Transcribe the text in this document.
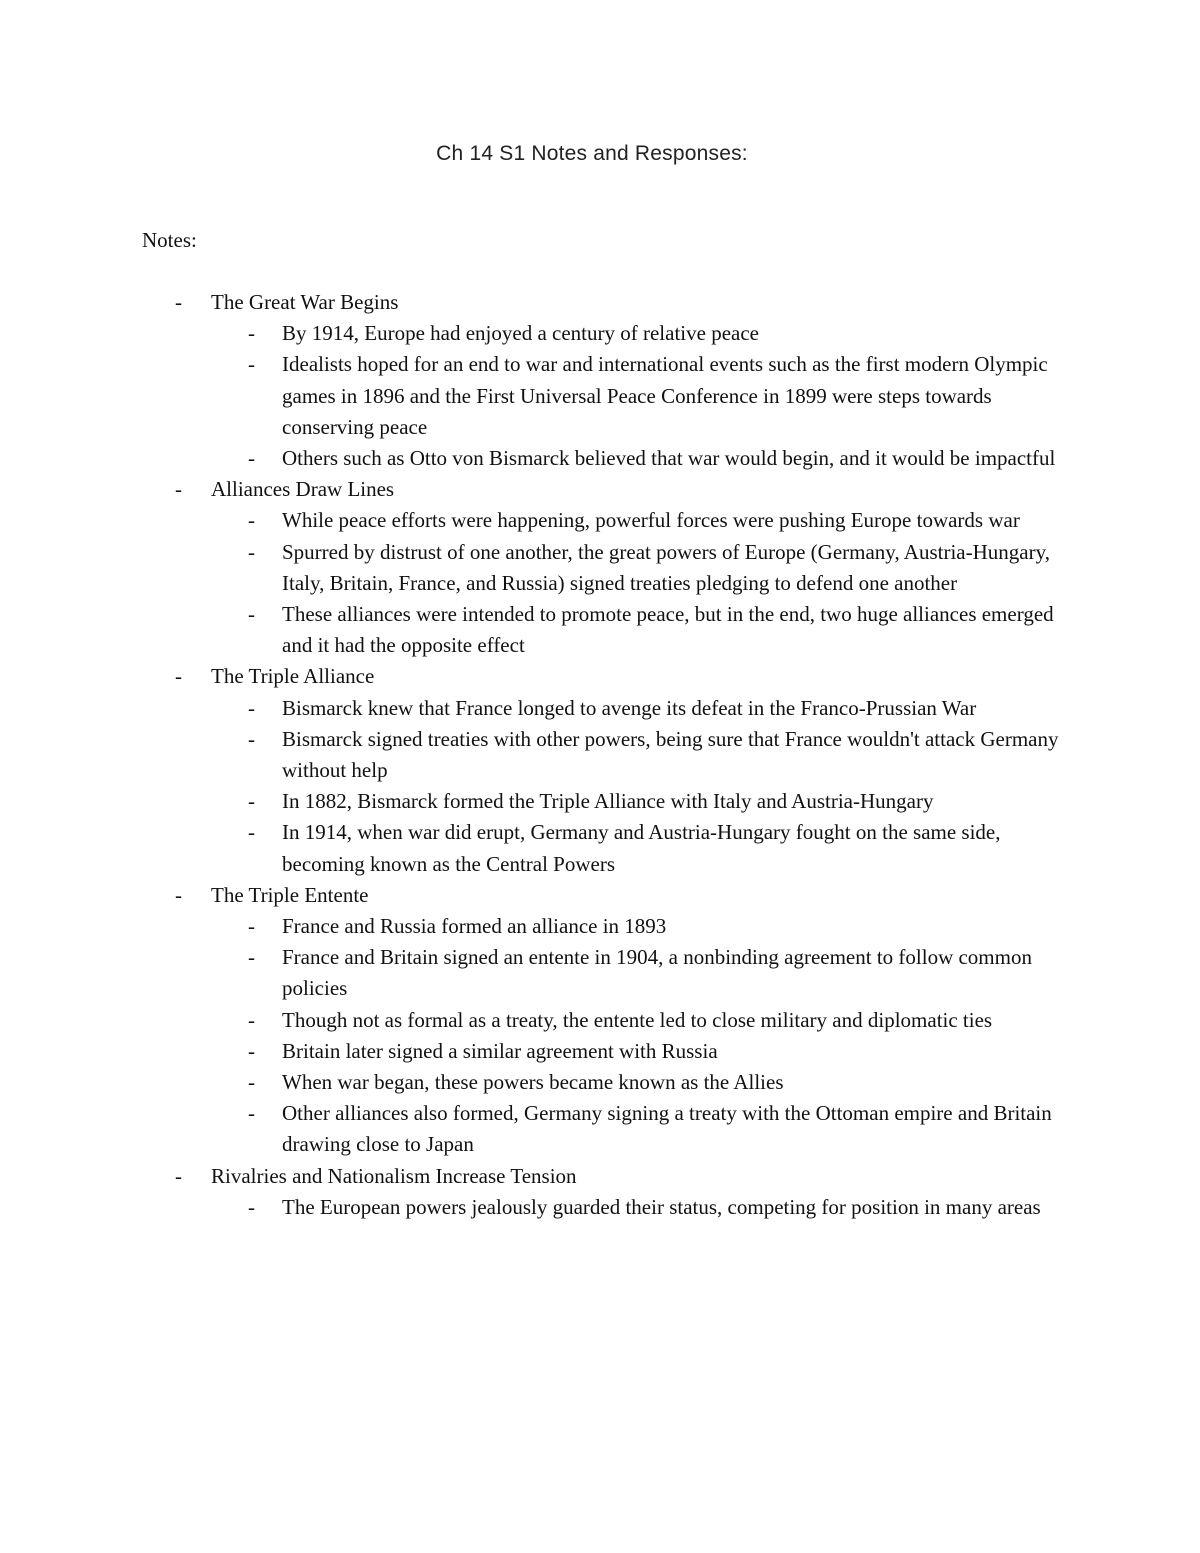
Ch 14 S1 Notes and Responses:
Notes:
- The Great War Begins
- By 1914, Europe had enjoyed a century of relative peace
- Idealists hoped for an end to war and international events such as the first modern Olympic games in 1896 and the First Universal Peace Conference in 1899 were steps towards conserving peace
- Others such as Otto von Bismarck believed that war would begin, and it would be impactful
- Alliances Draw Lines
- While peace efforts were happening, powerful forces were pushing Europe towards war
- Spurred by distrust of one another, the great powers of Europe (Germany, Austria-Hungary, Italy, Britain, France, and Russia) signed treaties pledging to defend one another
- These alliances were intended to promote peace, but in the end, two huge alliances emerged and it had the opposite effect
- The Triple Alliance
- Bismarck knew that France longed to avenge its defeat in the Franco-Prussian War
- Bismarck signed treaties with other powers, being sure that France wouldn't attack Germany without help
- In 1882, Bismarck formed the Triple Alliance with Italy and Austria-Hungary
- In 1914, when war did erupt, Germany and Austria-Hungary fought on the same side, becoming known as the Central Powers
- The Triple Entente
- France and Russia formed an alliance in 1893
- France and Britain signed an entente in 1904, a nonbinding agreement to follow common policies
- Though not as formal as a treaty, the entente led to close military and diplomatic ties
- Britain later signed a similar agreement with Russia
- When war began, these powers became known as the Allies
- Other alliances also formed, Germany signing a treaty with the Ottoman empire and Britain drawing close to Japan
- Rivalries and Nationalism Increase Tension
- The European powers jealously guarded their status, competing for position in many areas
